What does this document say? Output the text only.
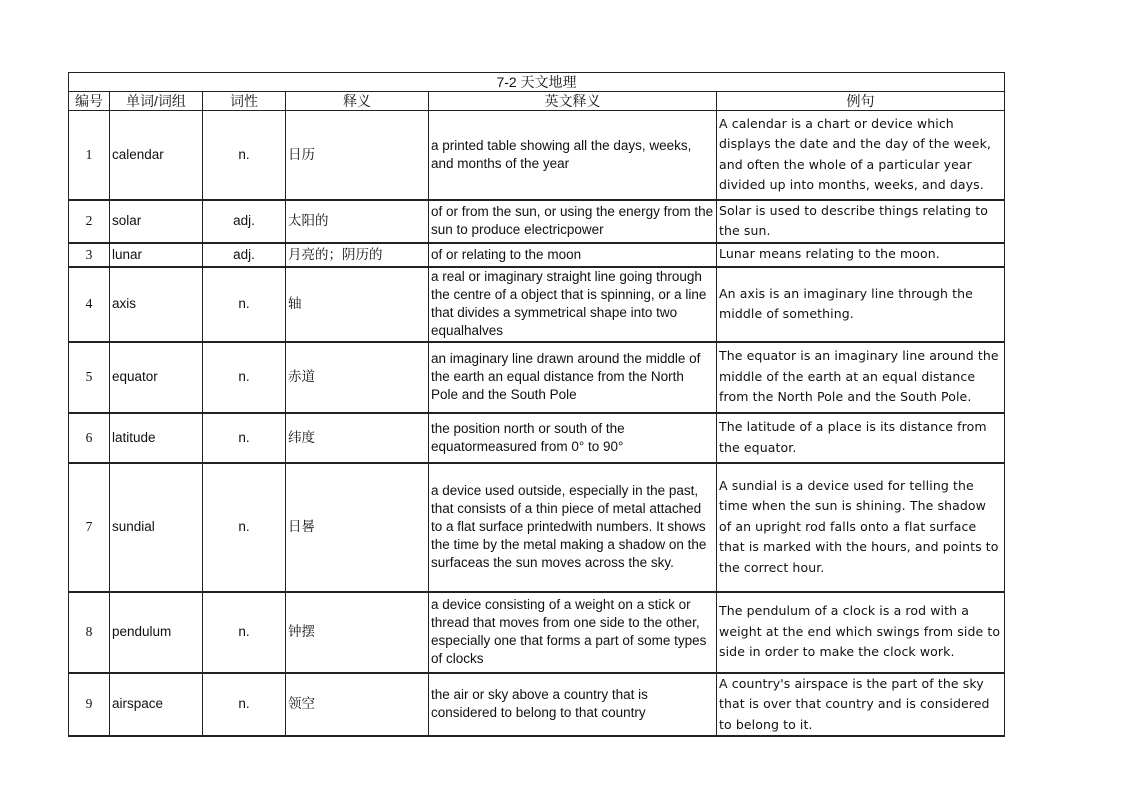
7-2 天文地理					
编号	单词/词组	词性	释义	英文释义	例句
1	calendar	n.	日历	a printed table showing all the days, weeks, and months of the year	A calendar is a chart or device which displays the date and the day of the week, and often the whole of a particular year divided up into months, weeks, and days.
2	solar	adj.	太阳的	of or from the sun, or using the energy from the sun to produce electricpower	Solar is used to describe things relating to the sun.
3	lunar	adj.	月亮的；阴历的	of or relating to the moon	Lunar means relating to the moon.
4	axis	n.	轴	a real or imaginary straight line going through the centre of a object that is spinning, or a line that divides a symmetrical shape into two equalhalves	An axis is an imaginary line through the middle of something.
5	equator	n.	赤道	an imaginary line drawn around the middle of the earth an equal distance from the North Pole and the South Pole	The equator is an imaginary line around the middle of the earth at an equal distance from the North Pole and the South Pole.
6	latitude	n.	纬度	the position north or south of the equatormeasured from 0° to 90°	The latitude of a place is its distance from the equator.
7	sundial	n.	日晷	a device used outside, especially in the past, that consists of a thin piece of metal attached to a flat surface printedwith numbers. It shows the time by the metal making a shadow on the surfaceas the sun moves across the sky.	A sundial is a device used for telling the time when the sun is shining. The shadow of an upright rod falls onto a flat surface that is marked with the hours, and points to the correct hour.
8	pendulum	n.	钟摆	a device consisting of a weight on a stick or thread that moves from one side to the other, especially one that forms a part of some types of clocks	The pendulum of a clock is a rod with a weight at the end which swings from side to side in order to make the clock work.
9	airspace	n.	领空	the air or sky above a country that is considered to belong to that country	A country's airspace is the part of the sky that is over that country and is considered to belong to it.
